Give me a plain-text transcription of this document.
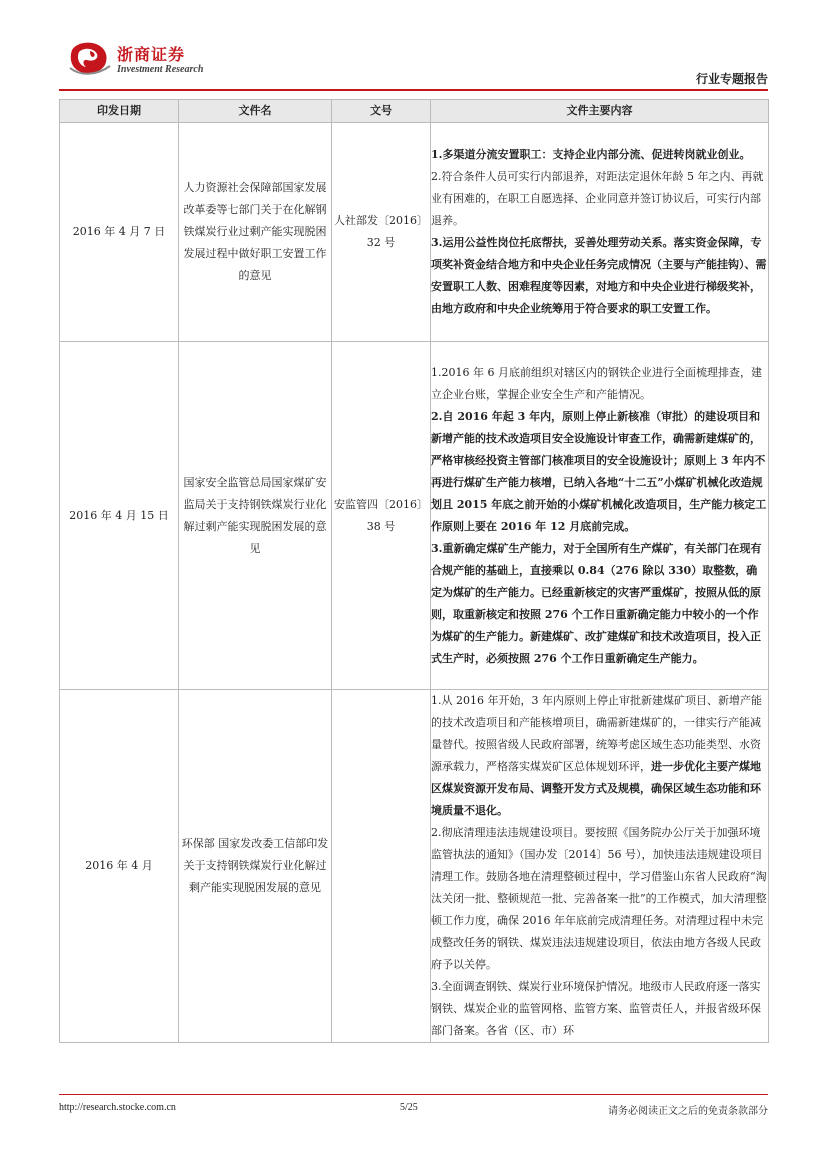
浙商证券
Investment Research
行业专题报告
印发日期	文件名	文号	文件主要内容
2016 年 4 月 7 日	人力资源社会保障部国家发展改革委等七部门关于在化解钢铁煤炭行业过剩产能实现脱困发展过程中做好职工安置工作的意见	人社部发〔2016〕32 号	1.多渠道分流安置职工：支持企业内部分流、促进转岗就业创业。

2.符合条件人员可实行内部退养，对距法定退休年龄 5 年之内、再就业有困难的，在职工自愿选择、企业同意并签订协议后，可实行内部退养。

3.运用公益性岗位托底帮扶，妥善处理劳动关系。落实资金保障，专项奖补资金结合地方和中央企业任务完成情况（主要与产能挂钩）、需安置职工人数、困难程度等因素，对地方和中央企业进行梯级奖补，由地方政府和中央企业统筹用于符合要求的职工安置工作。

2016 年 4 月 15 日	国家安全监管总局国家煤矿安监局关于支持钢铁煤炭行业化解过剩产能实现脱困发展的意见	安监管四〔2016〕38 号	1.2016 年 6 月底前组织对辖区内的钢铁企业进行全面梳理排查，建立企业台账，掌握企业安全生产和产能情况。

2.自 2016 年起 3 年内，原则上停止新核准（审批）的建设项目和新增产能的技术改造项目安全设施设计审查工作，确需新建煤矿的，严格审核经投资主管部门核准项目的安全设施设计；原则上 3 年内不再进行煤矿生产能力核增，已纳入各地“十二五”小煤矿机械化改造规划且 2015 年底之前开始的小煤矿机械化改造项目，生产能力核定工作原则上要在 2016 年 12 月底前完成。

3.重新确定煤矿生产能力，对于全国所有生产煤矿，有关部门在现有合规产能的基础上，直接乘以 0.84（276 除以 330）取整数，确定为煤矿的生产能力。已经重新核定的灾害严重煤矿，按照从低的原则，取重新核定和按照 276 个工作日重新确定能力中较小的一个作为煤矿的生产能力。新建煤矿、改扩建煤矿和技术改造项目，投入正式生产时，必须按照 276 个工作日重新确定生产能力。

2016 年 4 月	环保部 国家发改委工信部印发关于支持钢铁煤炭行业化解过剩产能实现脱困发展的意见		1.从 2016 年开始，3 年内原则上停止审批新建煤矿项目、新增产能的技术改造项目和产能核增项目，确需新建煤矿的，一律实行产能减量替代。按照省级人民政府部署，统筹考虑区域生态功能类型、水资源承载力，严格落实煤炭矿区总体规划环评，进一步优化主要产煤地区煤炭资源开发布局、调整开发方式及规模，确保区域生态功能和环境质量不退化。

2.彻底清理违法违规建设项目。要按照《国务院办公厅关于加强环境监管执法的通知》（国办发〔2014〕56 号），加快违法违规建设项目清理工作。鼓励各地在清理整顿过程中，学习借鉴山东省人民政府“淘汰关闭一批、整顿规范一批、完善备案一批”的工作模式，加大清理整顿工作力度，确保 2016 年年底前完成清理任务。对清理过程中未完成整改任务的钢铁、煤炭违法违规建设项目，依法由地方各级人民政府予以关停。

3.全面调查钢铁、煤炭行业环境保护情况。地级市人民政府逐一落实钢铁、煤炭企业的监管网格、监管方案、监管责任人，并报省级环保部门备案。各省（区、市）环

http://research.stocke.com.cn	5/25	请务必阅读正文之后的免责条款部分
